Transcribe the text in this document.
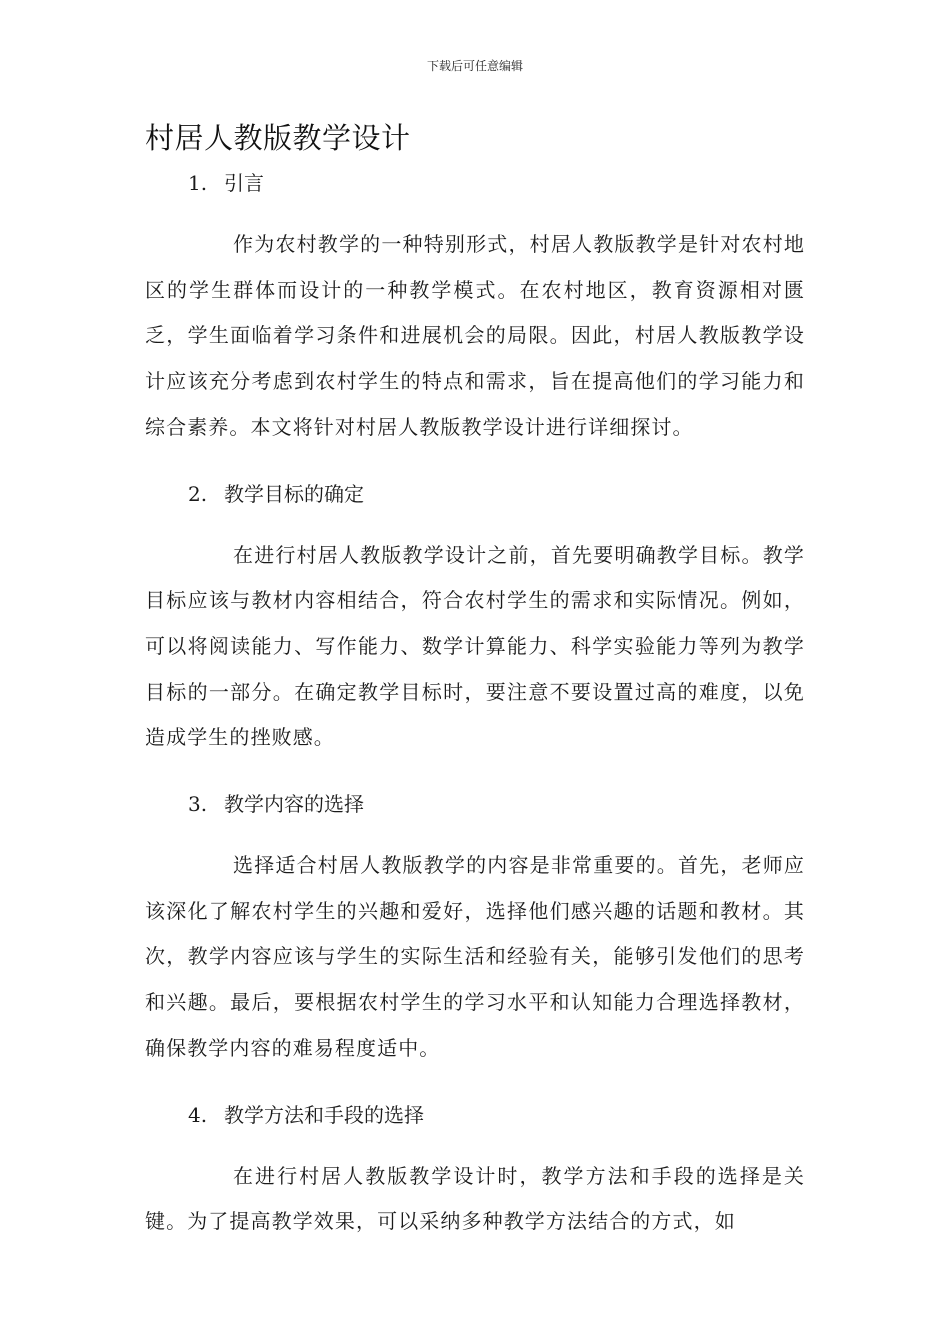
下载后可任意编辑
村居人教版教学设计
1. 引言

作为农村教学的一种特别形式，村居人教版教学是针对农村地区的学生群体而设计的一种教学模式。在农村地区，教育资源相对匮乏，学生面临着学习条件和进展机会的局限。因此，村居人教版教学设计应该充分考虑到农村学生的特点和需求，旨在提高他们的学习能力和综合素养。本文将针对村居人教版教学设计进行详细探讨。

2. 教学目标的确定

在进行村居人教版教学设计之前，首先要明确教学目标。教学目标应该与教材内容相结合，符合农村学生的需求和实际情况。例如，可以将阅读能力、写作能力、数学计算能力、科学实验能力等列为教学目标的一部分。在确定教学目标时，要注意不要设置过高的难度，以免造成学生的挫败感。

3. 教学内容的选择

选择适合村居人教版教学的内容是非常重要的。首先，老师应该深化了解农村学生的兴趣和爱好，选择他们感兴趣的话题和教材。其次，教学内容应该与学生的实际生活和经验有关，能够引发他们的思考和兴趣。最后，要根据农村学生的学习水平和认知能力合理选择教材，确保教学内容的难易程度适中。

4. 教学方法和手段的选择

在进行村居人教版教学设计时，教学方法和手段的选择是关键。为了提高教学效果，可以采纳多种教学方法结合的方式，如
